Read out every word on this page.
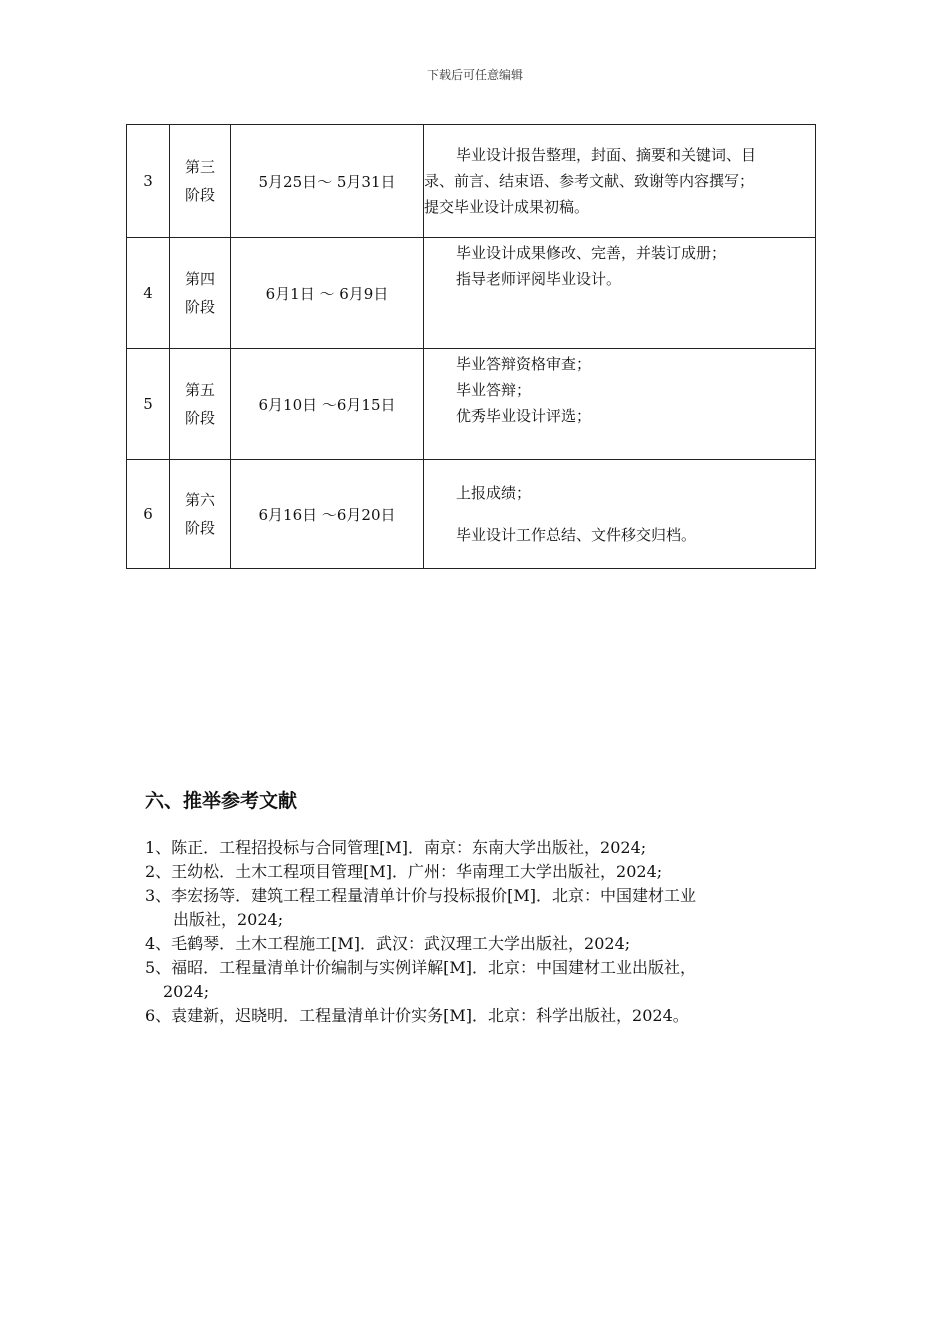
下载后可任意编辑
3	第三
阶段	5月25日～ 5月31日	毕业设计报告整理，封面、摘要和关键词、目
录、前言、结束语、参考文献、致谢等内容撰写；
提交毕业设计成果初稿。

4	第四
阶段	6月1日 ～ 6月9日	毕业设计成果修改、完善，并装订成册；
指导老师评阅毕业设计。

5	第五
阶段	6月10日 ～6月15日	毕业答辩资格审查；
毕业答辩；
优秀毕业设计评选；

6	第六
阶段	6月16日 ～6月20日	上报成绩；
毕业设计工作总结、文件移交归档。
六、推举参考文献
1、陈正．工程招投标与合同管理[M]．南京：东南大学出版社，2024;
2、王幼松．土木工程项目管理[M]．广州：华南理工大学出版社，2024;
3、李宏扬等．建筑工程工程量清单计价与投标报价[M]．北京：中国建材工业
出版社，2024;
4、毛鹤琴．土木工程施工[M]．武汉：武汉理工大学出版社，2024;
5、福昭．工程量清单计价编制与实例详解[M]．北京：中国建材工业出版社，
2024;
6、袁建新，迟晓明．工程量清单计价实务[M]．北京：科学出版社，2024。
